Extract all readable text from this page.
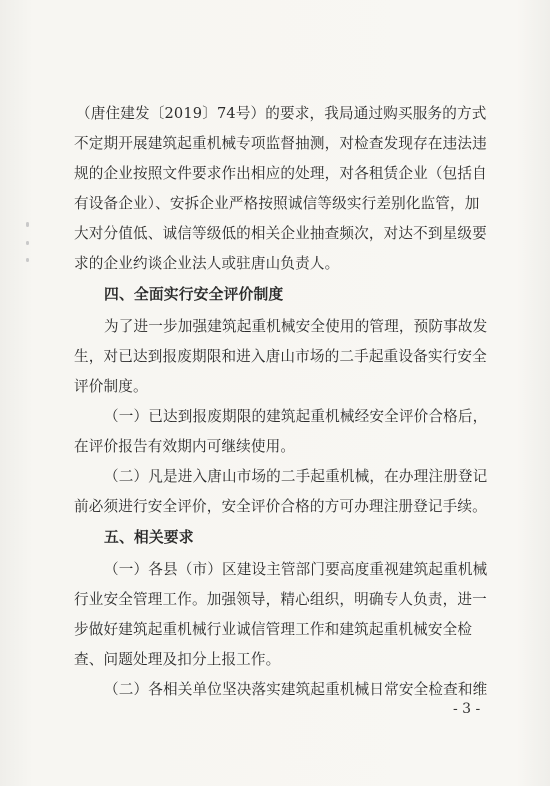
（唐住建发〔2019〕74号）的要求，我局通过购买服务的方式
不定期开展建筑起重机械专项监督抽测，对检查发现存在违法违
规的企业按照文件要求作出相应的处理，对各租赁企业（包括自
有设备企业）、安拆企业严格按照诚信等级实行差别化监管，加
大对分值低、诚信等级低的相关企业抽查频次，对达不到星级要
求的企业约谈企业法人或驻唐山负责人。
四、全面实行安全评价制度
为了进一步加强建筑起重机械安全使用的管理，预防事故发
生，对已达到报废期限和进入唐山市场的二手起重设备实行安全
评价制度。
（一）已达到报废期限的建筑起重机械经安全评价合格后，
在评价报告有效期内可继续使用。
（二）凡是进入唐山市场的二手起重机械，在办理注册登记
前必须进行安全评价，安全评价合格的方可办理注册登记手续。
五、相关要求
（一）各县（市）区建设主管部门要高度重视建筑起重机械
行业安全管理工作。加强领导，精心组织，明确专人负责，进一
步做好建筑起重机械行业诚信管理工作和建筑起重机械安全检
查、问题处理及扣分上报工作。
（二）各相关单位坚决落实建筑起重机械日常安全检查和维
- 3 -
